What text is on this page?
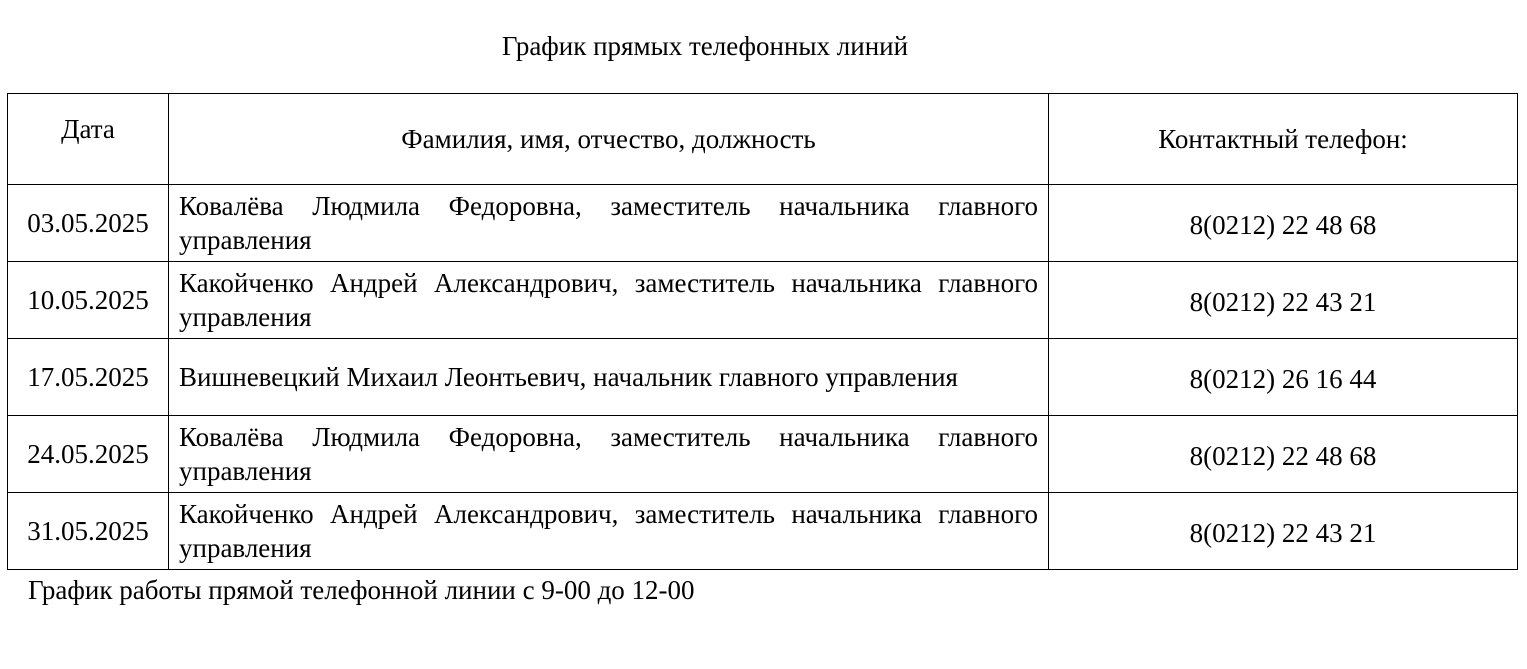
График прямых телефонных линий
Дата	Фамилия, имя, отчество, должность	Контактный телефон:
03.05.2025	Ковалёва Людмила Федоровна, заместитель начальника главного управления	8(0212) 22 48 68
10.05.2025	Какойченко Андрей Александрович, заместитель начальника главного управления	8(0212) 22 43 21
17.05.2025	Вишневецкий Михаил Леонтьевич, начальник главного управления	8(0212) 26 16 44
24.05.2025	Ковалёва Людмила Федоровна, заместитель начальника главного управления	8(0212) 22 48 68
31.05.2025	Какойченко Андрей Александрович, заместитель начальника главного управления	8(0212) 22 43 21
График работы прямой телефонной линии с 9-00 до 12-00
